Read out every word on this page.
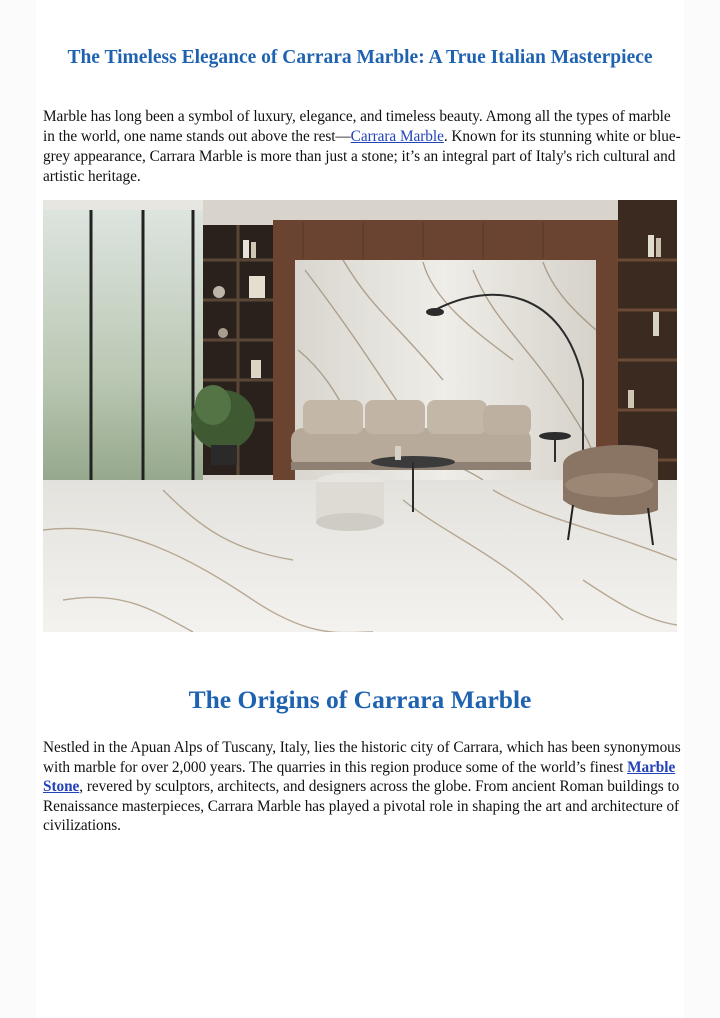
The Timeless Elegance of Carrara Marble: A True Italian Masterpiece

Marble has long been a symbol of luxury, elegance, and timeless beauty. Among all the types of marble in the world, one name stands out above the rest—Carrara Marble. Known for its stunning white or blue-grey appearance, Carrara Marble is more than just a stone; it’s an integral part of Italy's rich cultural and artistic heritage.

The Origins of Carrara Marble

Nestled in the Apuan Alps of Tuscany, Italy, lies the historic city of Carrara, which has been synonymous with marble for over 2,000 years. The quarries in this region produce some of the world’s finest Marble Stone, revered by sculptors, architects, and designers across the globe. From ancient Roman buildings to Renaissance masterpieces, Carrara Marble has played a pivotal role in shaping the art and architecture of civilizations.
